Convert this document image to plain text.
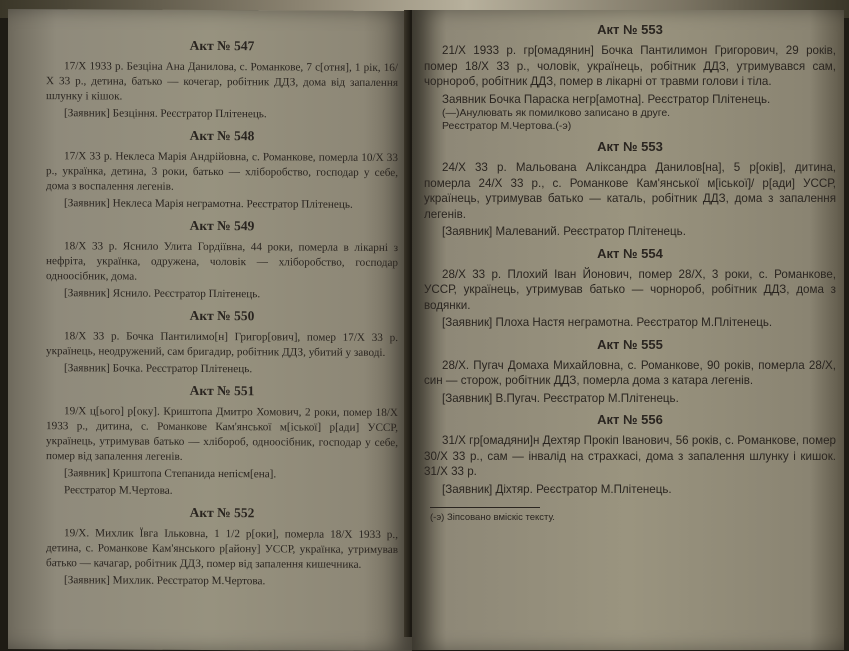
Акт № 547

17/Х 1933 р. Безціна Ана Данилова, с. Романкове, 7 с[отня], 1 рік, 16/Х 33 р., детина, батько — кочегар, робітник ДДЗ, дома від запалення шлунку і кішок.

[Заявник] Безціння. Реєстратор Плітенець.

Акт № 548

17/Х 33 р. Неклеса Марія Андрійовна, с. Романкове, померла 10/Х 33 р., українка, детина, 3 роки, батько — хліборобство, господар у себе, дома з воспалення легенів.

[Заявник] Неклеса Марія неграмотна. Реєстратор Плітенець.

Акт № 549

18/Х 33 р. Яснило Улита Гордіївна, 44 роки, померла в лікарні з нефріта, українка, одружена, чоловік — хліборобство, господар одноосібник, дома.

[Заявник] Яснило. Реєстратор Плітенець.

Акт № 550

18/Х 33 р. Бочка Пантилимо[н] Григор[ович], помер 17/Х 33 р. українець, неодружений, сам бригадир, робітник ДДЗ, убитий у заводі.

[Заявник] Бочка. Реєстратор Плітенець.

Акт № 551

19/Х ц[ього] р[оку]. Криштопа Дмитро Хомович, 2 роки, помер 18/Х 1933 р., дитина, с. Романкове Кам'янської м[іської] р[ади] УССР, українець, утримував батько — хлібороб, одноосібник, господар у себе, помер від запалення легенів.

[Заявник] Криштопа Степанида непісм[ена].

Реєстратор М.Чертова.

Акт № 552

19/Х. Михлик Ївга Ільковна, 1 1/2 р[оки], померла 18/Х 1933 р., детина, с. Романкове Кам'янського р[айону] УССР, українка, утримував батько — качагар, робітник ДДЗ, помер від запалення кишечника.

[Заявник] Михлик. Реєстратор М.Чертова.

Акт № 553

21/Х 1933 р. гр[омадянин] Бочка Пантилимон Григорович, 29 років, помер 18/Х 33 р., чоловік, українець, робітник ДДЗ, утримувався сам, чорнороб, робітник ДДЗ, помер в лікарні от травми голови і тіла.

Заявник Бочка Параска негр[амотна]. Реєстратор Плітенець.

(—)Анулювать як помилково записано в друге.

Реєстратор М.Чертова.(-э)

Акт № 553

24/Х 33 р. Мальована Аліксандра Данилов[на], 5 р[оків], дитина, померла 24/Х 33 р., с. Романкове Кам'янської м[іської]/ р[ади] УССР, українець, утримував батько — каталь, робітник ДДЗ, дома з запалення легенів.

[Заявник] Малеваний. Реєстратор Плітенець.

Акт № 554

28/Х 33 р. Плохий Іван Йонович, помер 28/Х, 3 роки, с. Романкове, УССР, українець, утримував батько — чорнороб, робітник ДДЗ, дома з водянки.

[Заявник] Плоха Настя неграмотна. Реєстратор М.Плітенець.

Акт № 555

28/Х. Пугач Домаха Михайловна, с. Романкове, 90 років, померла 28/Х, син — сторож, робітник ДДЗ, померла дома з катара легенів.

[Заявник] В.Пугач. Реєстратор М.Плітенець.

Акт № 556

31/Х гр[омадяни]н Дехтяр Прокіп Іванович, 56 років, с. Романкове, помер 30/Х 33 р., сам — інвалід на страхкасі, дома з запалення шлунку і кишок. 31/Х 33 р.

[Заявник] Діхтяр. Реєстратор М.Плітенець.

(-э) Зіпсовано вміскіс тексту.
